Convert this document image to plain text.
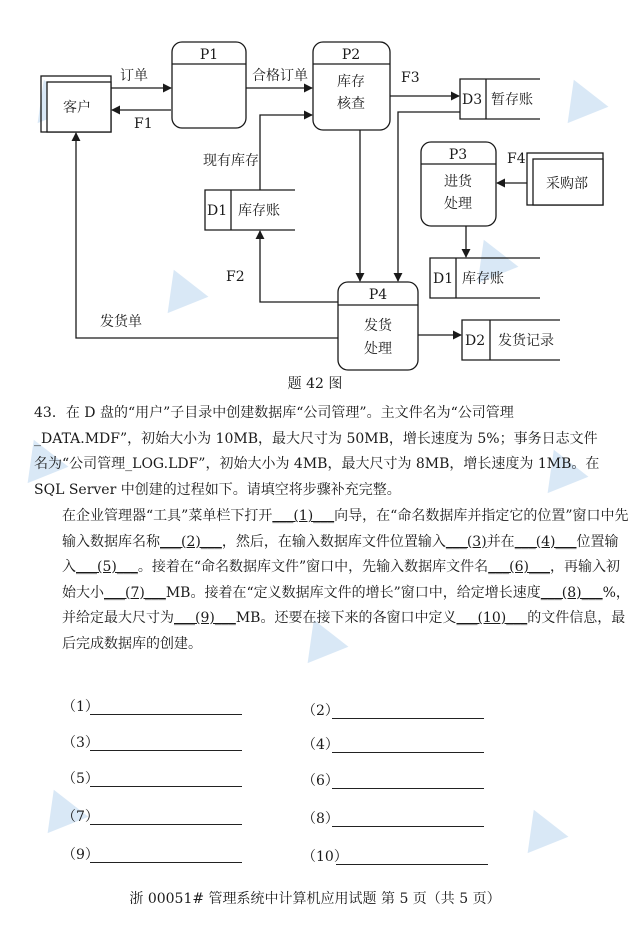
客户
采购部
P1	P2
库存
核查
P3
进货
处理
P4
发货
处理
D3 暂存账
D1 库存账
D1 库存账
D2 发货记录
订单
F1
合格订单	F3
F4
现有库存
F2
发货单
题 42 图
43．在 D 盘的“用户”子目录中创建数据库“公司管理”。主文件名为“公司管理_DATA.MDF”，初始大小为 10MB，最大尺寸为 50MB，增长速度为 5%；事务日志文件名为“公司管理_LOG.LDF”，初始大小为 4MB，最大尺寸为 8MB，增长速度为 1MB。在 SQL Server 中创建的过程如下。请填空将步骤补充完整。
在企业管理器“工具”菜单栏下打开___(1)___向导，在“命名数据库并指定它的位置”窗口中先输入数据库名称___(2)___，然后，在输入数据库文件位置输入___(3)并在___(4)___位置输入___(5)___。接着在“命名数据库文件”窗口中，先输入数据库文件名___(6)___，再输入初始大小___(7)___MB。接着在“定义数据库文件的增长”窗口中，给定增长速度___(8)___%，并给定最大尺寸为___(9)___MB。还要在接下来的各窗口中定义___(10)___的文件信息，最后完成数据库的创建。
（1）	（2）
（3）	（4）
（5）	（6）
（7）	（8）
（9）	（10）
浙 00051# 管理系统中计算机应用试题 第 5 页（共 5 页）
